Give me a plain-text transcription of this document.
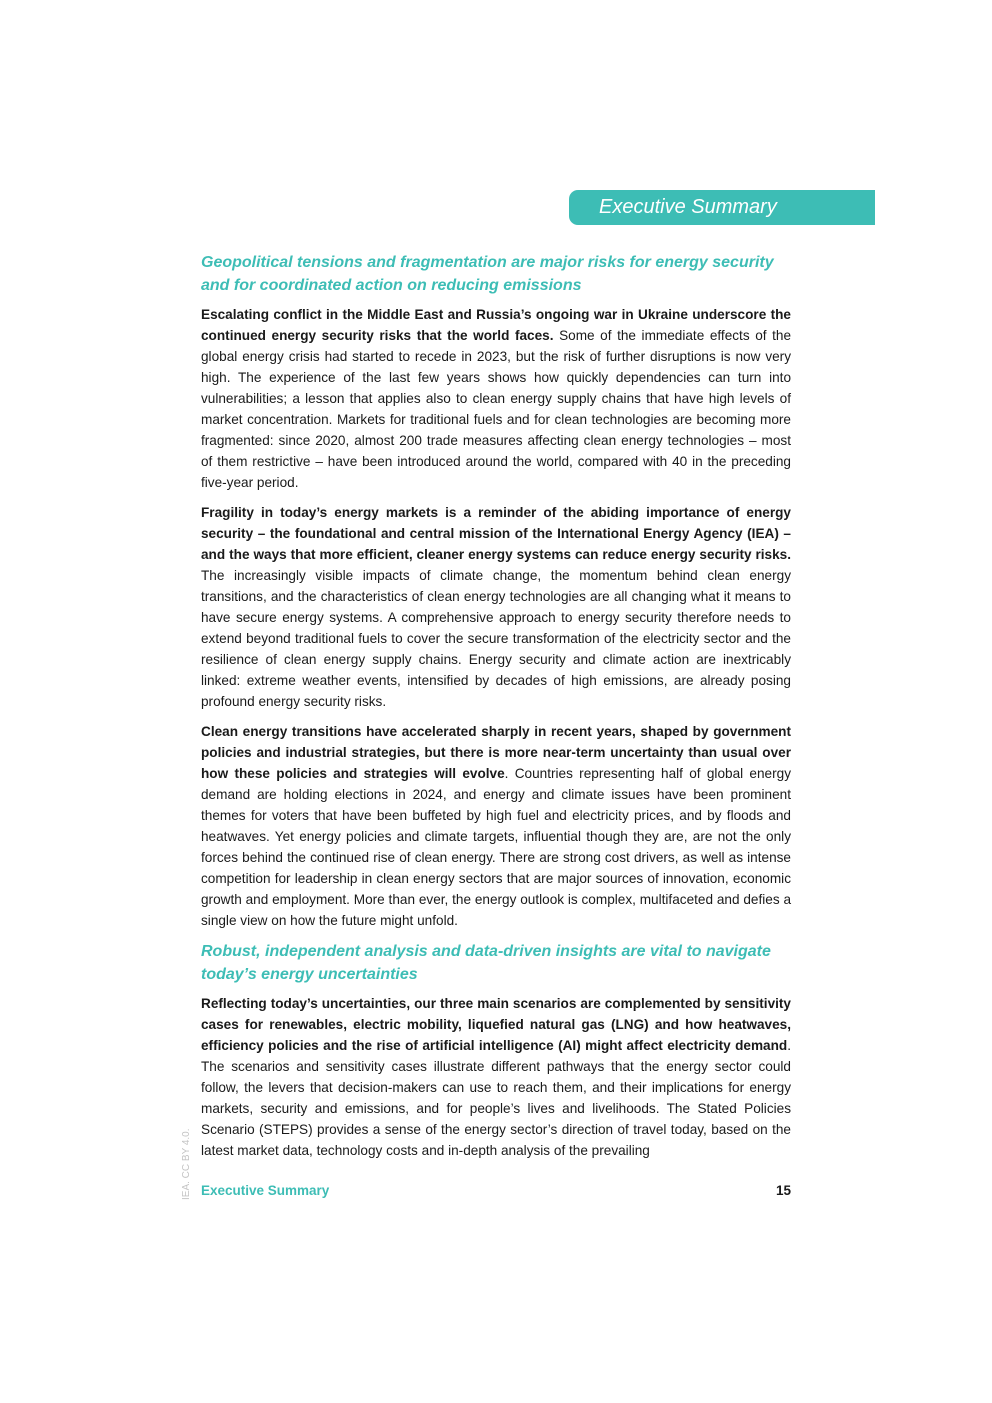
Executive Summary
Geopolitical tensions and fragmentation are major risks for energy security and for coordinated action on reducing emissions

Escalating conflict in the Middle East and Russia’s ongoing war in Ukraine underscore the continued energy security risks that the world faces. Some of the immediate effects of the global energy crisis had started to recede in 2023, but the risk of further disruptions is now very high. The experience of the last few years shows how quickly dependencies can turn into vulnerabilities; a lesson that applies also to clean energy supply chains that have high levels of market concentration. Markets for traditional fuels and for clean technologies are becoming more fragmented: since 2020, almost 200 trade measures affecting clean energy technologies – most of them restrictive – have been introduced around the world, compared with 40 in the preceding five-year period.

Fragility in today’s energy markets is a reminder of the abiding importance of energy security – the foundational and central mission of the International Energy Agency (IEA) – and the ways that more efficient, cleaner energy systems can reduce energy security risks. The increasingly visible impacts of climate change, the momentum behind clean energy transitions, and the characteristics of clean energy technologies are all changing what it means to have secure energy systems. A comprehensive approach to energy security therefore needs to extend beyond traditional fuels to cover the secure transformation of the electricity sector and the resilience of clean energy supply chains. Energy security and climate action are inextricably linked: extreme weather events, intensified by decades of high emissions, are already posing profound energy security risks.

Clean energy transitions have accelerated sharply in recent years, shaped by government policies and industrial strategies, but there is more near-term uncertainty than usual over how these policies and strategies will evolve. Countries representing half of global energy demand are holding elections in 2024, and energy and climate issues have been prominent themes for voters that have been buffeted by high fuel and electricity prices, and by floods and heatwaves. Yet energy policies and climate targets, influential though they are, are not the only forces behind the continued rise of clean energy. There are strong cost drivers, as well as intense competition for leadership in clean energy sectors that are major sources of innovation, economic growth and employment. More than ever, the energy outlook is complex, multifaceted and defies a single view on how the future might unfold.

Robust, independent analysis and data-driven insights are vital to navigate today’s energy uncertainties

Reflecting today’s uncertainties, our three main scenarios are complemented by sensitivity cases for renewables, electric mobility, liquefied natural gas (LNG) and how heatwaves, efficiency policies and the rise of artificial intelligence (AI) might affect electricity demand. The scenarios and sensitivity cases illustrate different pathways that the energy sector could follow, the levers that decision-makers can use to reach them, and their implications for energy markets, security and emissions, and for people’s lives and livelihoods. The Stated Policies Scenario (STEPS) provides a sense of the energy sector’s direction of travel today, based on the latest market data, technology costs and in-depth analysis of the prevailing

IEA. CC BY 4.0. Executive Summary	15
